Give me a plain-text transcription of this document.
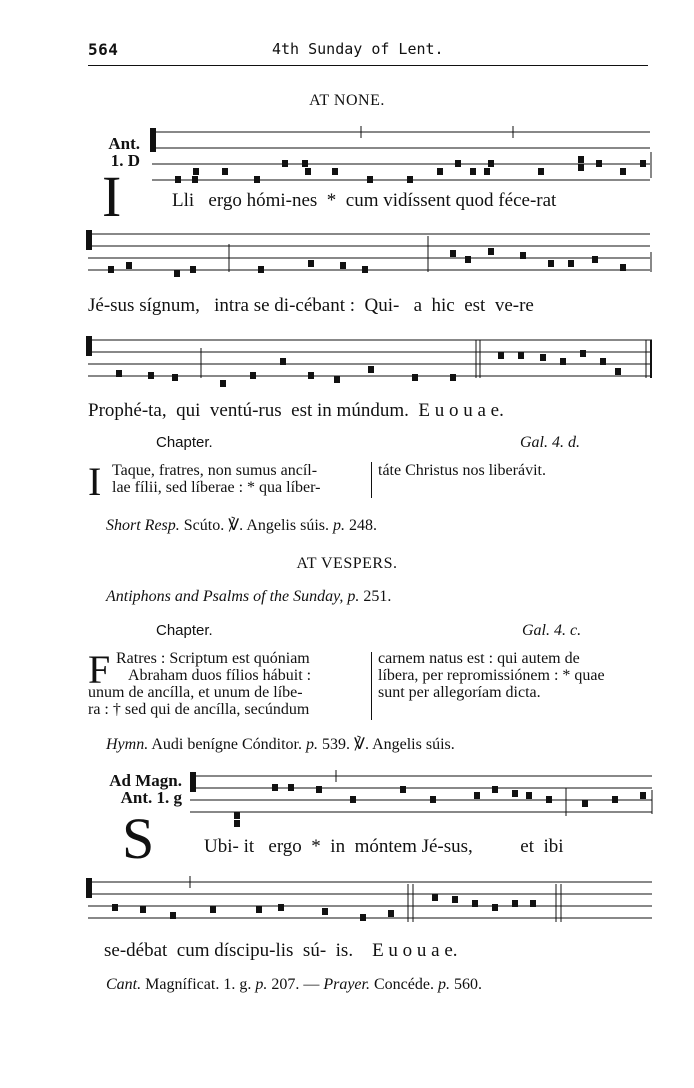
564	4th Sunday of Lent.
AT NONE.
Ant.
1. D
I	Lli   ergo hómi-nes  *  cum vidíssent quod féce-rat
Jé-sus sígnum,   intra se di-cébant :  Qui-   a  hic  est  ve-re
Prophé-ta,  qui  ventú-rus  est in múndum.  E u o u a e.
Chapter.	Gal. 4. d.
I Taque, fratres, non sumus ancíl-
lae fílii, sed líberae : * qua líber-
táte Christus nos liberávit.
Short Resp. Scúto. ℣. Angelis súis. p. 248.
AT VESPERS.
Antiphons and Psalms of the Sunday, p. 251.
Chapter.	Gal. 4. c.
F Ratres : Scriptum est quóniam
Abraham duos fílios hábuit :
unum de ancílla, et unum de líbe-
ra : † sed qui de ancílla, secúndum
carnem natus est : qui autem de
líbera, per repromissiónem : * quae
sunt per allegoríam dicta.
Hymn. Audi benígne Cónditor. p. 539. ℣. Angelis súis.
Ad Magn.
Ant. 1. g
S	Ubi- it   ergo  *  in  móntem Jé-sus,          et  ibi
se-débat  cum díscipu-lis  sú-  is.    E u o u a e.
Cant. Magníficat. 1. g. p. 207. — Prayer. Concéde. p. 560.
